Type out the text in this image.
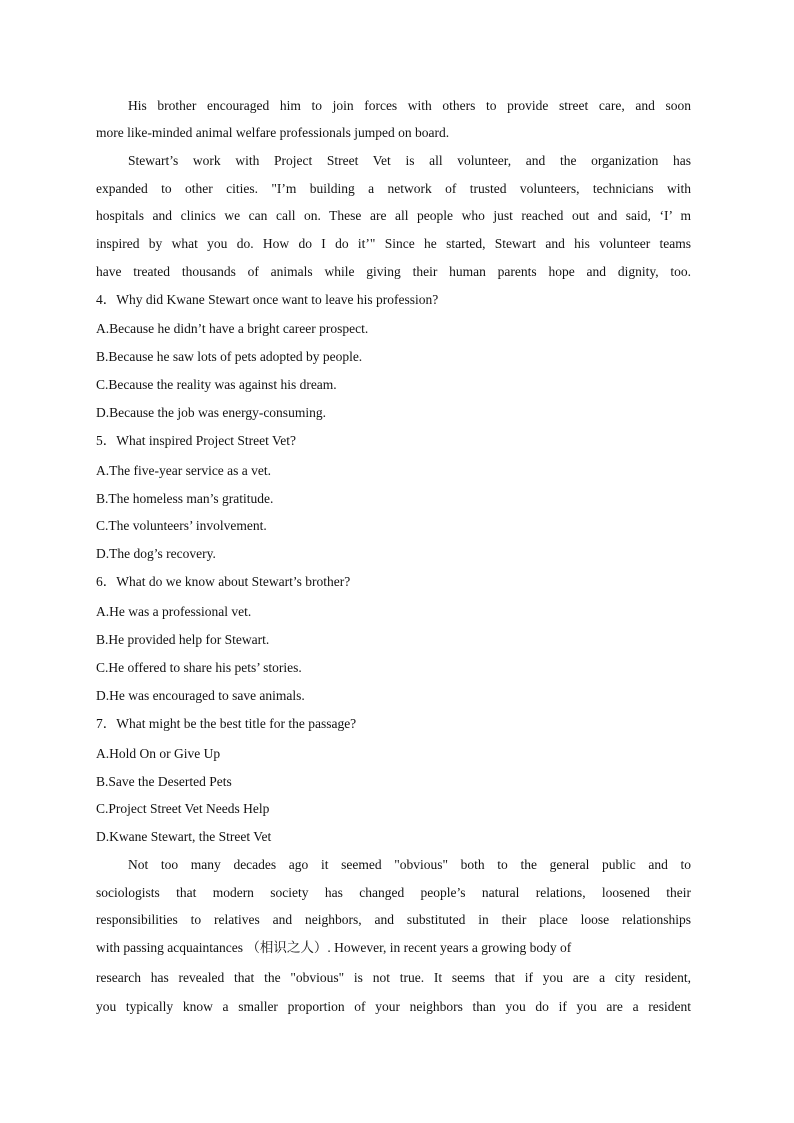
His brother encouraged him to join forces with others to provide street care, and soon
more like-minded animal welfare professionals jumped on board.
Stewart’s work with Project Street Vet is all volunteer, and the organization has
expanded to other cities. "I’m building a network of trusted volunteers, technicians with
hospitals and clinics we can call on. These are all people who just reached out and said, ‘I’ m
inspired by what you do. How do I do it’" Since he started, Stewart and his volunteer teams
have treated thousands of animals while giving their human parents hope and dignity, too.
4．Why did Kwane Stewart once want to leave his profession?
A.Because he didn’t have a bright career prospect.
B.Because he saw lots of pets adopted by people.
C.Because the reality was against his dream.
D.Because the job was energy-consuming.
5．What inspired Project Street Vet?
A.The five-year service as a vet.
B.The homeless man’s gratitude.
C.The volunteers’ involvement.
D.The dog’s recovery.
6．What do we know about Stewart’s brother?
A.He was a professional vet.
B.He provided help for Stewart.
C.He offered to share his pets’ stories.
D.He was encouraged to save animals.
7．What might be the best title for the passage?
A.Hold On or Give Up
B.Save the Deserted Pets
C.Project Street Vet Needs Help
D.Kwane Stewart, the Street Vet
Not too many decades ago it seemed "obvious" both to the general public and to
sociologists that modern society has changed people’s natural relations, loosened their
responsibilities to relatives and neighbors, and substituted in their place loose relationships
with passing acquaintances （相识之人）. However, in recent years a growing body of
research has revealed that the "obvious" is not true. It seems that if you are a city resident,
you typically know a smaller proportion of your neighbors than you do if you are a resident
